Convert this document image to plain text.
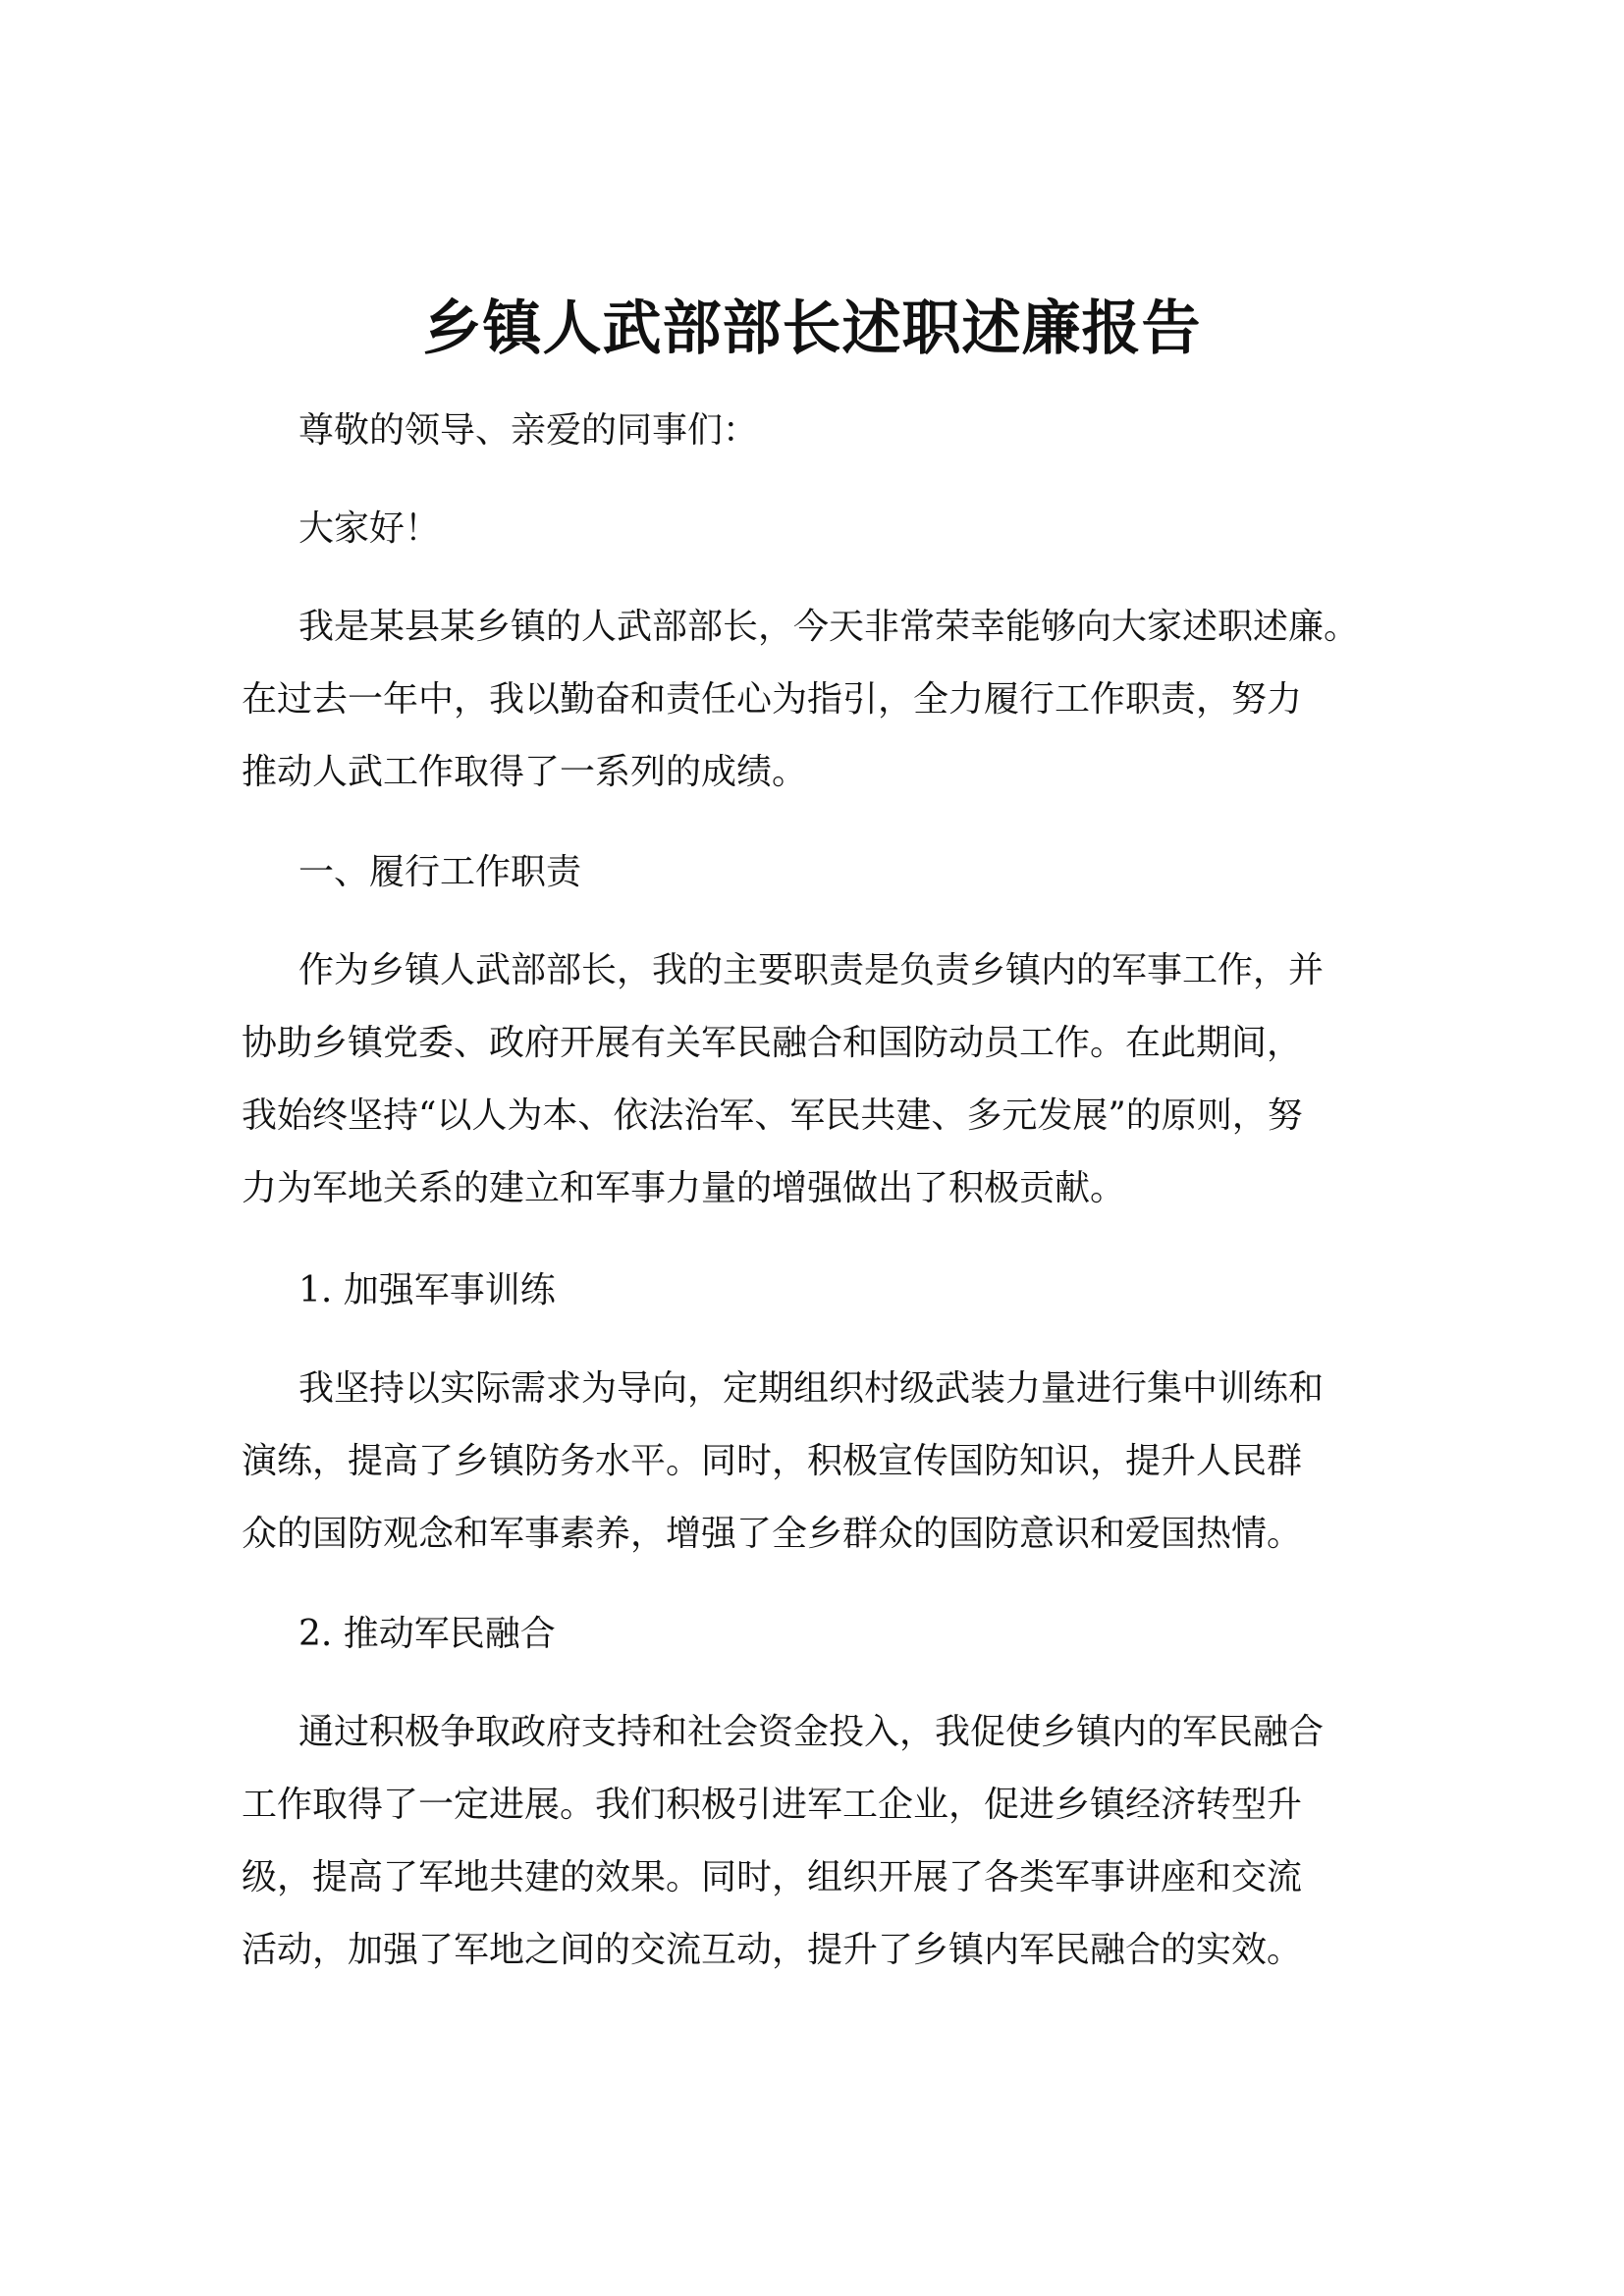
乡镇人武部部长述职述廉报告

尊敬的领导、亲爱的同事们：

大家好！

我是某县某乡镇的人武部部长，今天非常荣幸能够向大家述职述廉。

在过去一年中，我以勤奋和责任心为指引，全力履行工作职责，努力

推动人武工作取得了一系列的成绩。

一、履行工作职责

作为乡镇人武部部长，我的主要职责是负责乡镇内的军事工作，并

协助乡镇党委、政府开展有关军民融合和国防动员工作。在此期间，

我始终坚持“以人为本、依法治军、军民共建、多元发展”的原则，努

力为军地关系的建立和军事力量的增强做出了积极贡献。

1. 加强军事训练

我坚持以实际需求为导向，定期组织村级武装力量进行集中训练和

演练，提高了乡镇防务水平。同时，积极宣传国防知识，提升人民群

众的国防观念和军事素养，增强了全乡群众的国防意识和爱国热情。

2. 推动军民融合

通过积极争取政府支持和社会资金投入，我促使乡镇内的军民融合

工作取得了一定进展。我们积极引进军工企业，促进乡镇经济转型升

级，提高了军地共建的效果。同时，组织开展了各类军事讲座和交流

活动，加强了军地之间的交流互动，提升了乡镇内军民融合的实效。
